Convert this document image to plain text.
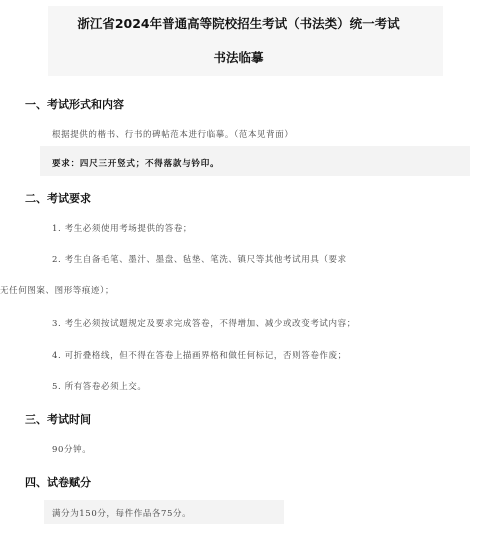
浙江省2024年普通高等院校招生考试（书法类）统一考试
书法临摹
一、考试形式和内容
根据提供的楷书、行书的碑帖范本进行临摹。（范本见背面）
要求：四尺三开竖式；不得落款与钤印。
二、考试要求
1. 考生必须使用考场提供的答卷；
2. 考生自备毛笔、墨汁、墨盘、毡垫、笔洗、镇尺等其他考试用具（要求
无任何图案、图形等痕迹）；
3. 考生必须按试题规定及要求完成答卷，不得增加、减少或改变考试内容；
4. 可折叠格线，但不得在答卷上描画界格和做任何标记，否则答卷作废；
5. 所有答卷必须上交。
三、考试时间
90分钟。
四、试卷赋分
满分为150分，每件作品各75分。
